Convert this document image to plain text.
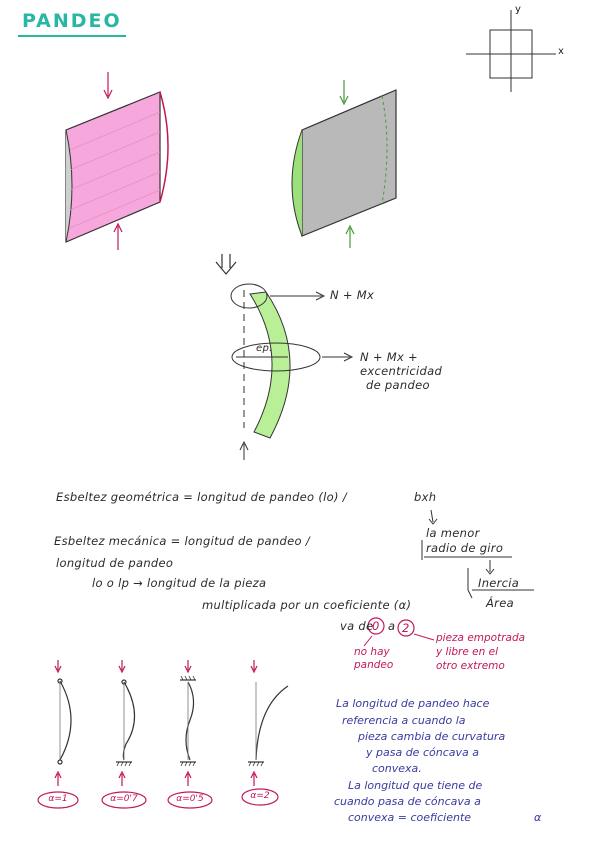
PANDEO
y
x
N + Mx
N + Mx +
excentricidad
de pandeo
ep.
Esbeltez geométrica = longitud de pandeo (lo) /	bxh
la menor
Esbeltez mecánica = longitud de pandeo /	radio de giro
Inercia
Área
longitud de pandeo
lo o lp → longitud de la pieza
multiplicada por un coeficiente (α)
va de
0 a 2
no hay
pandeo
pieza empotrada
y libre en el
otro extremo
α=1	α=0'7	α=0'5	α=2
La longitud de pandeo hace
referencia a cuando la
pieza cambia de curvatura
y pasa de cóncava a
convexa.
La longitud que tiene de
cuando pasa de cóncava a
convexa = coeficiente	α
